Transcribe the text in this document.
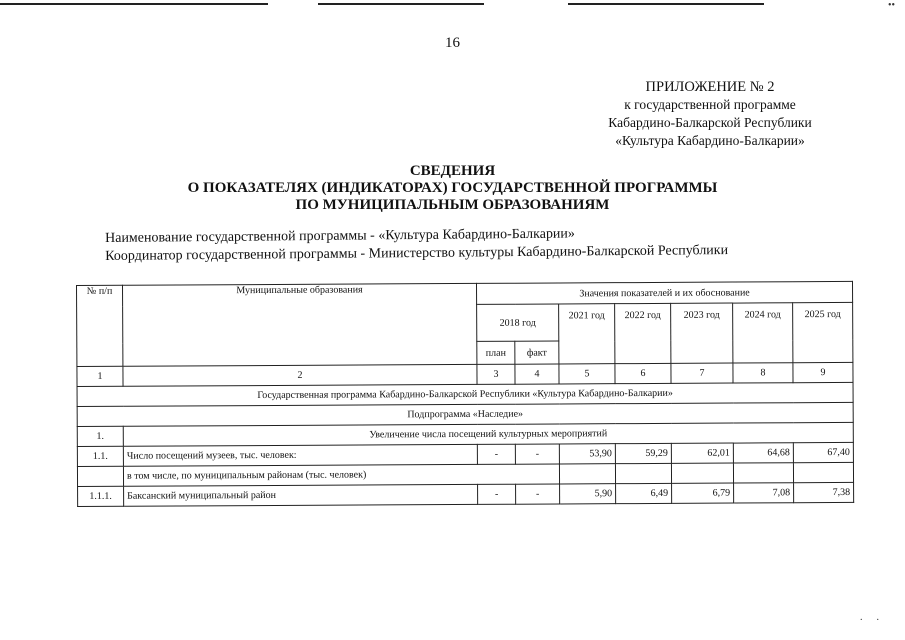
••
16
ПРИЛОЖЕНИЕ № 2
к государственной программе
Кабардино-Балкарской Республики
«Культура Кабардино-Балкарии»
СВЕДЕНИЯ
О ПОКАЗАТЕЛЯХ (ИНДИКАТОРАХ) ГОСУДАРСТВЕННОЙ ПРОГРАММЫ
ПО МУНИЦИПАЛЬНЫМ ОБРАЗОВАНИЯМ
Наименование государственной программы - «Культура Кабардино-Балкарии»
Координатор государственной программы - Министерство культуры Кабардино-Балкарской Республики
№ п/п	Муниципальные образования	Значения показателей и их обоснование						
		2018 год		2021 год	2022 год	2023 год	2024 год	2025 год
		план	факт					
1	2	3	4	5	6	7	8	9
Государственная программа Кабардино-Балкарской Республики «Культура Кабардино-Балкарии»								
Подпрограмма «Наследие»								
1.	Увеличение числа посещений культурных мероприятий							
1.1.	Число посещений музеев, тыс. человек:	-	-	53,90	59,29	62,01	64,68	67,40
	в том числе, по муниципальным районам (тыс. человек)							
1.1.1.	Баксанский муниципальный район	-	-	5,90	6,49	6,79	7,08	7,38
..
